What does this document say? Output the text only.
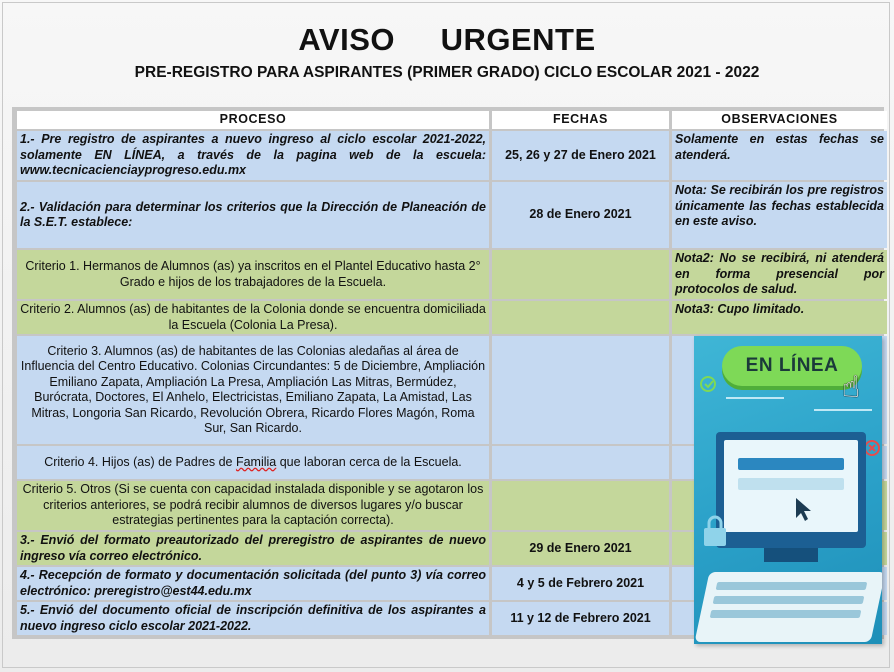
AVISO     URGENTE
PRE-REGISTRO PARA ASPIRANTES (PRIMER GRADO) CICLO ESCOLAR 2021 - 2022
PROCESO	FECHAS	OBSERVACIONES
1.- Pre registro de aspirantes a nuevo ingreso al ciclo escolar 2021-2022, solamente EN LÍNEA, a través de la pagina web de la escuela: www.tecnicacienciayprogreso.edu.mx	25, 26 y 27 de Enero 2021	Solamente en estas fechas se atenderá.
2.- Validación para determinar los criterios que la Dirección de Planeación de la S.E.T. establece:	28 de Enero 2021	Nota: Se recibirán los pre registros únicamente las fechas establecida en este aviso.
Criterio 1. Hermanos de Alumnos (as) ya inscritos en el Plantel Educativo hasta 2° Grado e hijos de los trabajadores de la Escuela.		Nota2: No se recibirá, ni atenderá en forma presencial por protocolos de salud.
Criterio 2. Alumnos (as) de habitantes de la Colonia donde se encuentra domiciliada la Escuela (Colonia La Presa).		Nota3: Cupo limitado.
Criterio 3. Alumnos (as) de habitantes de las Colonias aledañas al área de Influencia del Centro Educativo. Colonias Circundantes: 5 de Diciembre, Ampliación Emiliano Zapata, Ampliación La Presa, Ampliación Las Mitras, Bermúdez, Burócrata, Doctores, El Anhelo, Electricistas, Emiliano Zapata, La Amistad, Las Mitras, Longoria San Ricardo, Revolución Obrera, Ricardo Flores Magón, Roma Sur, San Ricardo.		
Criterio 4. Hijos (as) de Padres de Familia que laboran cerca de la Escuela.		
Criterio 5. Otros (Si se cuenta con capacidad instalada disponible y se agotaron los criterios anteriores, se podrá recibir alumnos de diversos lugares y/o buscar estrategias pertinentes para la captación correcta).		
3.- Envió del formato preautorizado del preregistro de aspirantes de nuevo ingreso vía correo electrónico.	29 de Enero 2021	
4.- Recepción de formato y documentación solicitada (del punto 3) vía correo electrónico: preregistro@est44.edu.mx	4 y 5 de Febrero 2021	
5.- Envió del documento oficial de inscripción definitiva de los aspirantes a nuevo ingreso ciclo escolar 2021-2022.	11 y 12 de Febrero 2021	
EN LÍNEA
☝
